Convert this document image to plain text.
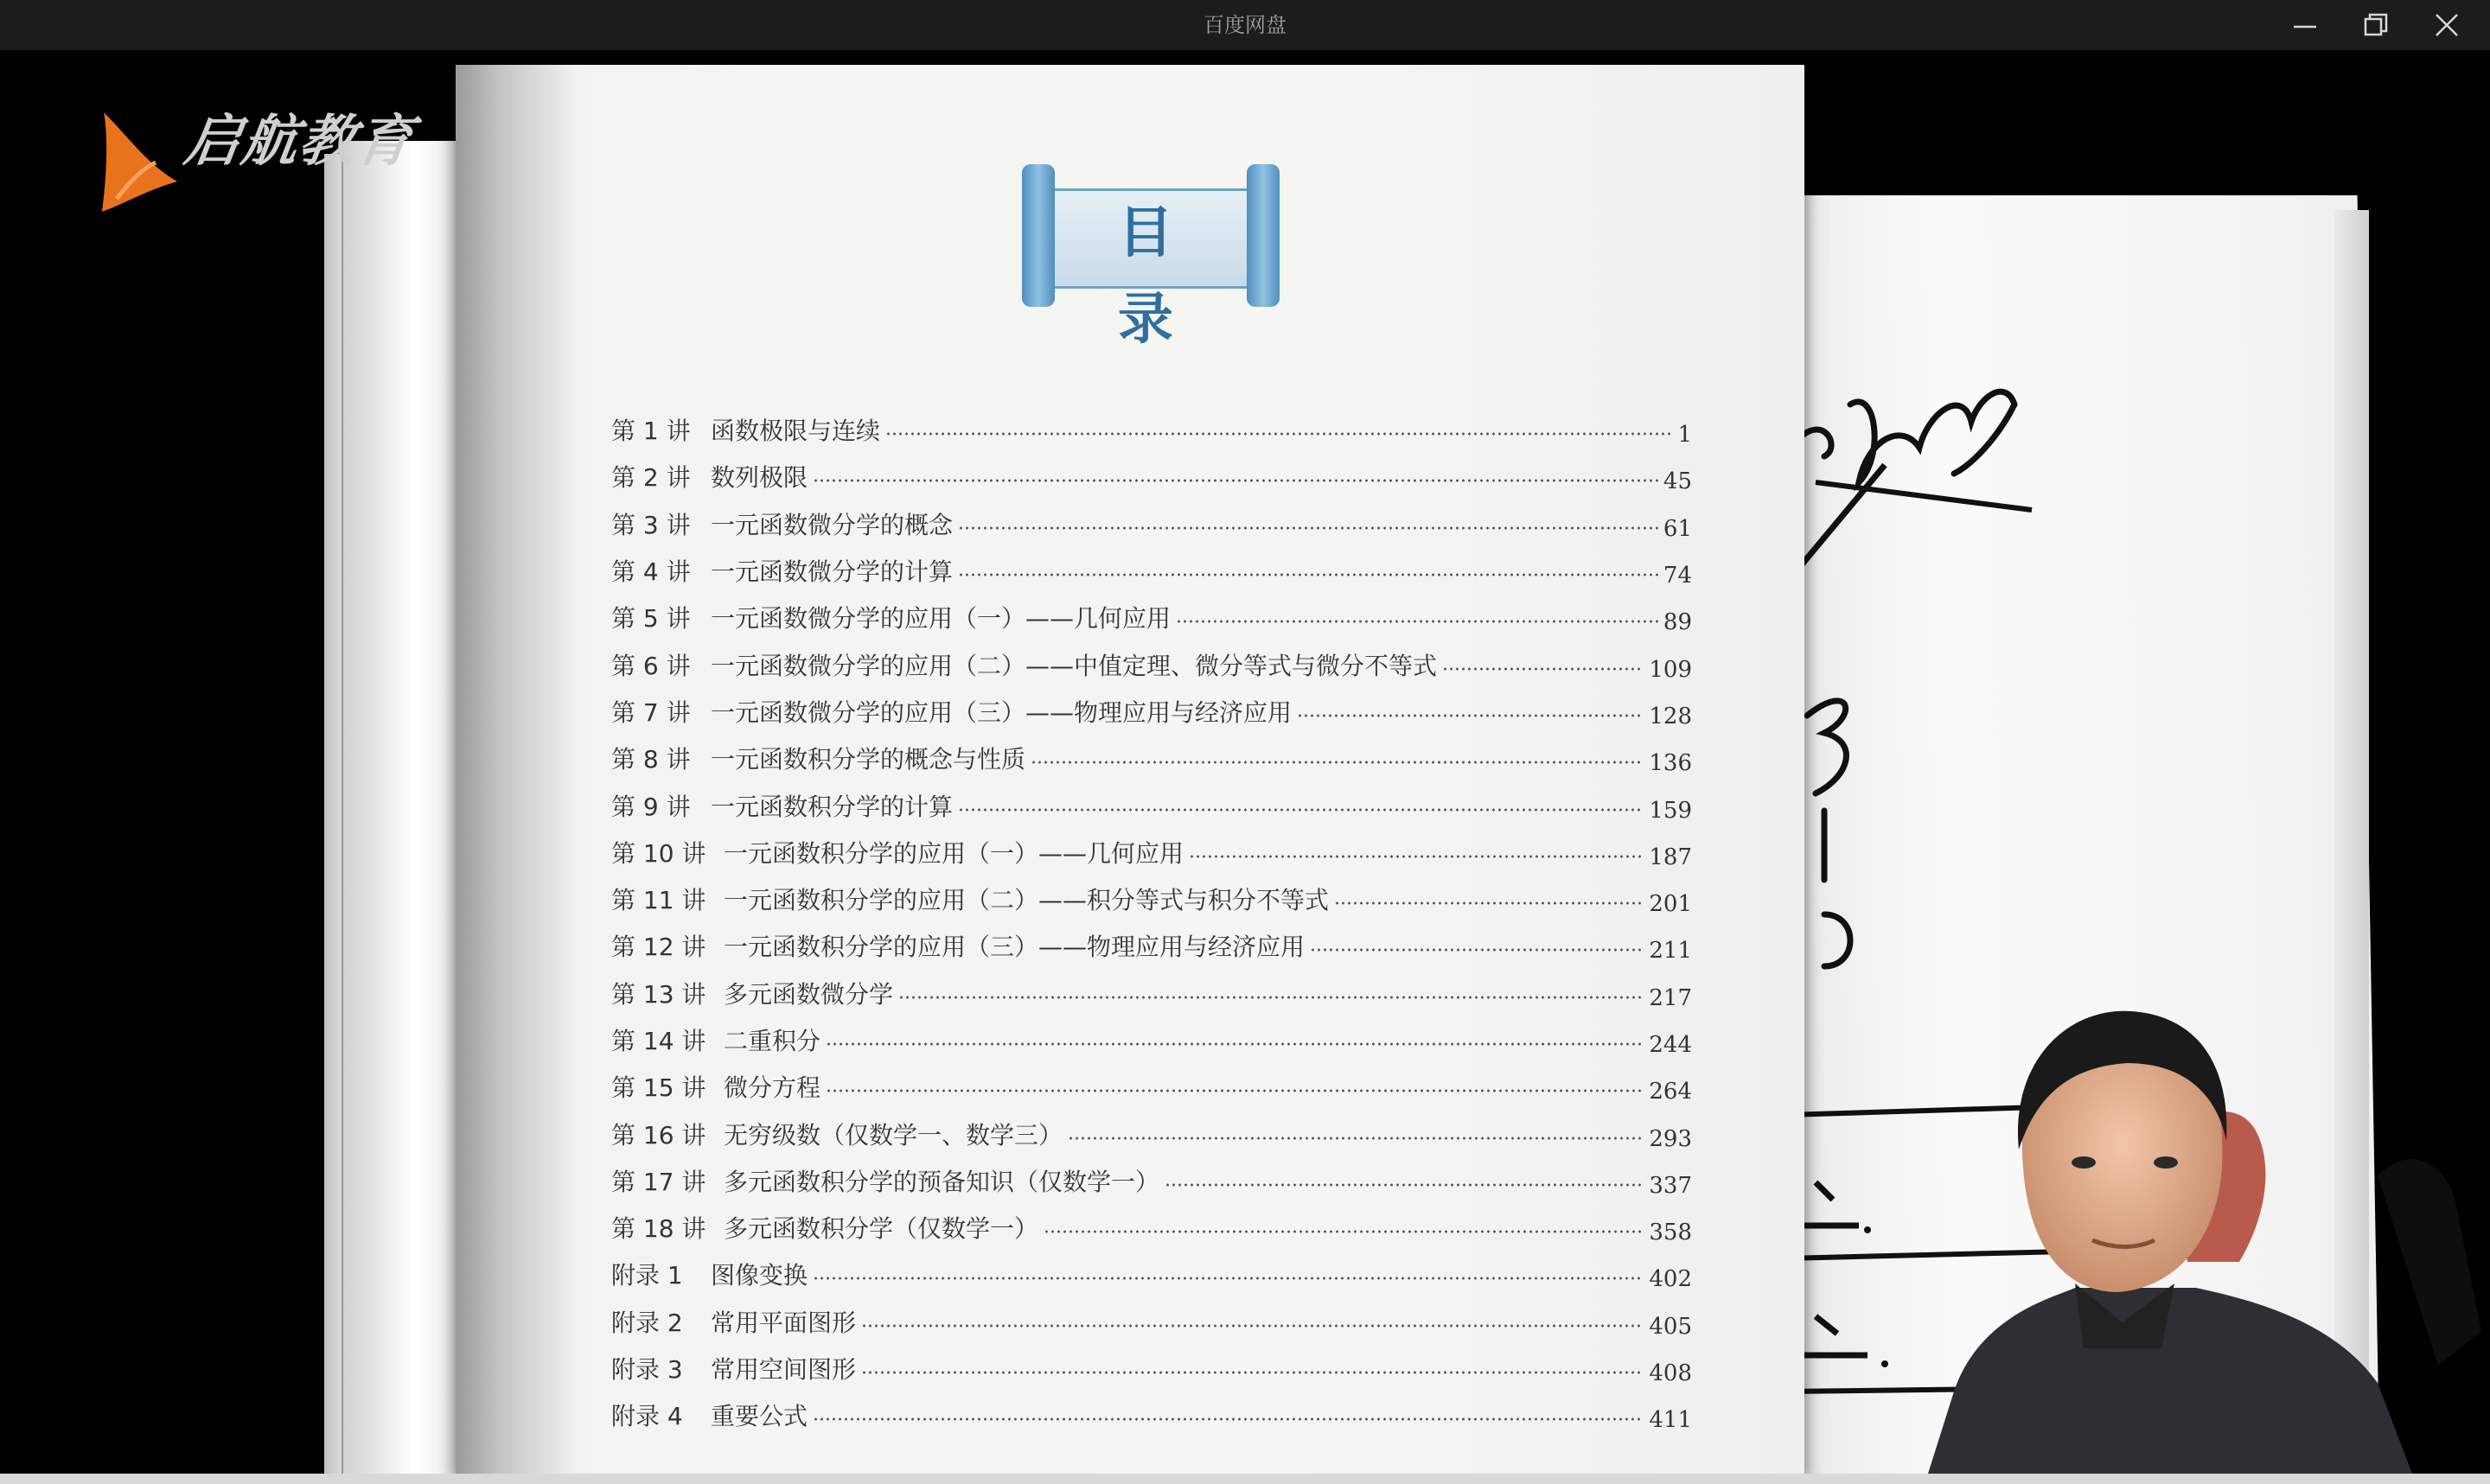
百度网盘
启航教育
目 录
第 1 讲 函数极限与连续	1
第 2 讲 数列极限	45
第 3 讲 一元函数微分学的概念	61
第 4 讲 一元函数微分学的计算	74
第 5 讲 一元函数微分学的应用（一）——几何应用	89
第 6 讲 一元函数微分学的应用（二）——中值定理、微分等式与微分不等式	109
第 7 讲 一元函数微分学的应用（三）——物理应用与经济应用	128
第 8 讲 一元函数积分学的概念与性质	136
第 9 讲 一元函数积分学的计算	159
第 10 讲 一元函数积分学的应用（一）——几何应用	187
第 11 讲 一元函数积分学的应用（二）——积分等式与积分不等式	201
第 12 讲 一元函数积分学的应用（三）——物理应用与经济应用	211
第 13 讲 多元函数微分学	217
第 14 讲 二重积分	244
第 15 讲 微分方程	264
第 16 讲 无穷级数（仅数学一、数学三）	293
第 17 讲 多元函数积分学的预备知识（仅数学一）	337
第 18 讲 多元函数积分学（仅数学一）	358
附录 1	图像变换	402
附录 2	常用平面图形	405
附录 3	常用空间图形	408
附录 4	重要公式	411
